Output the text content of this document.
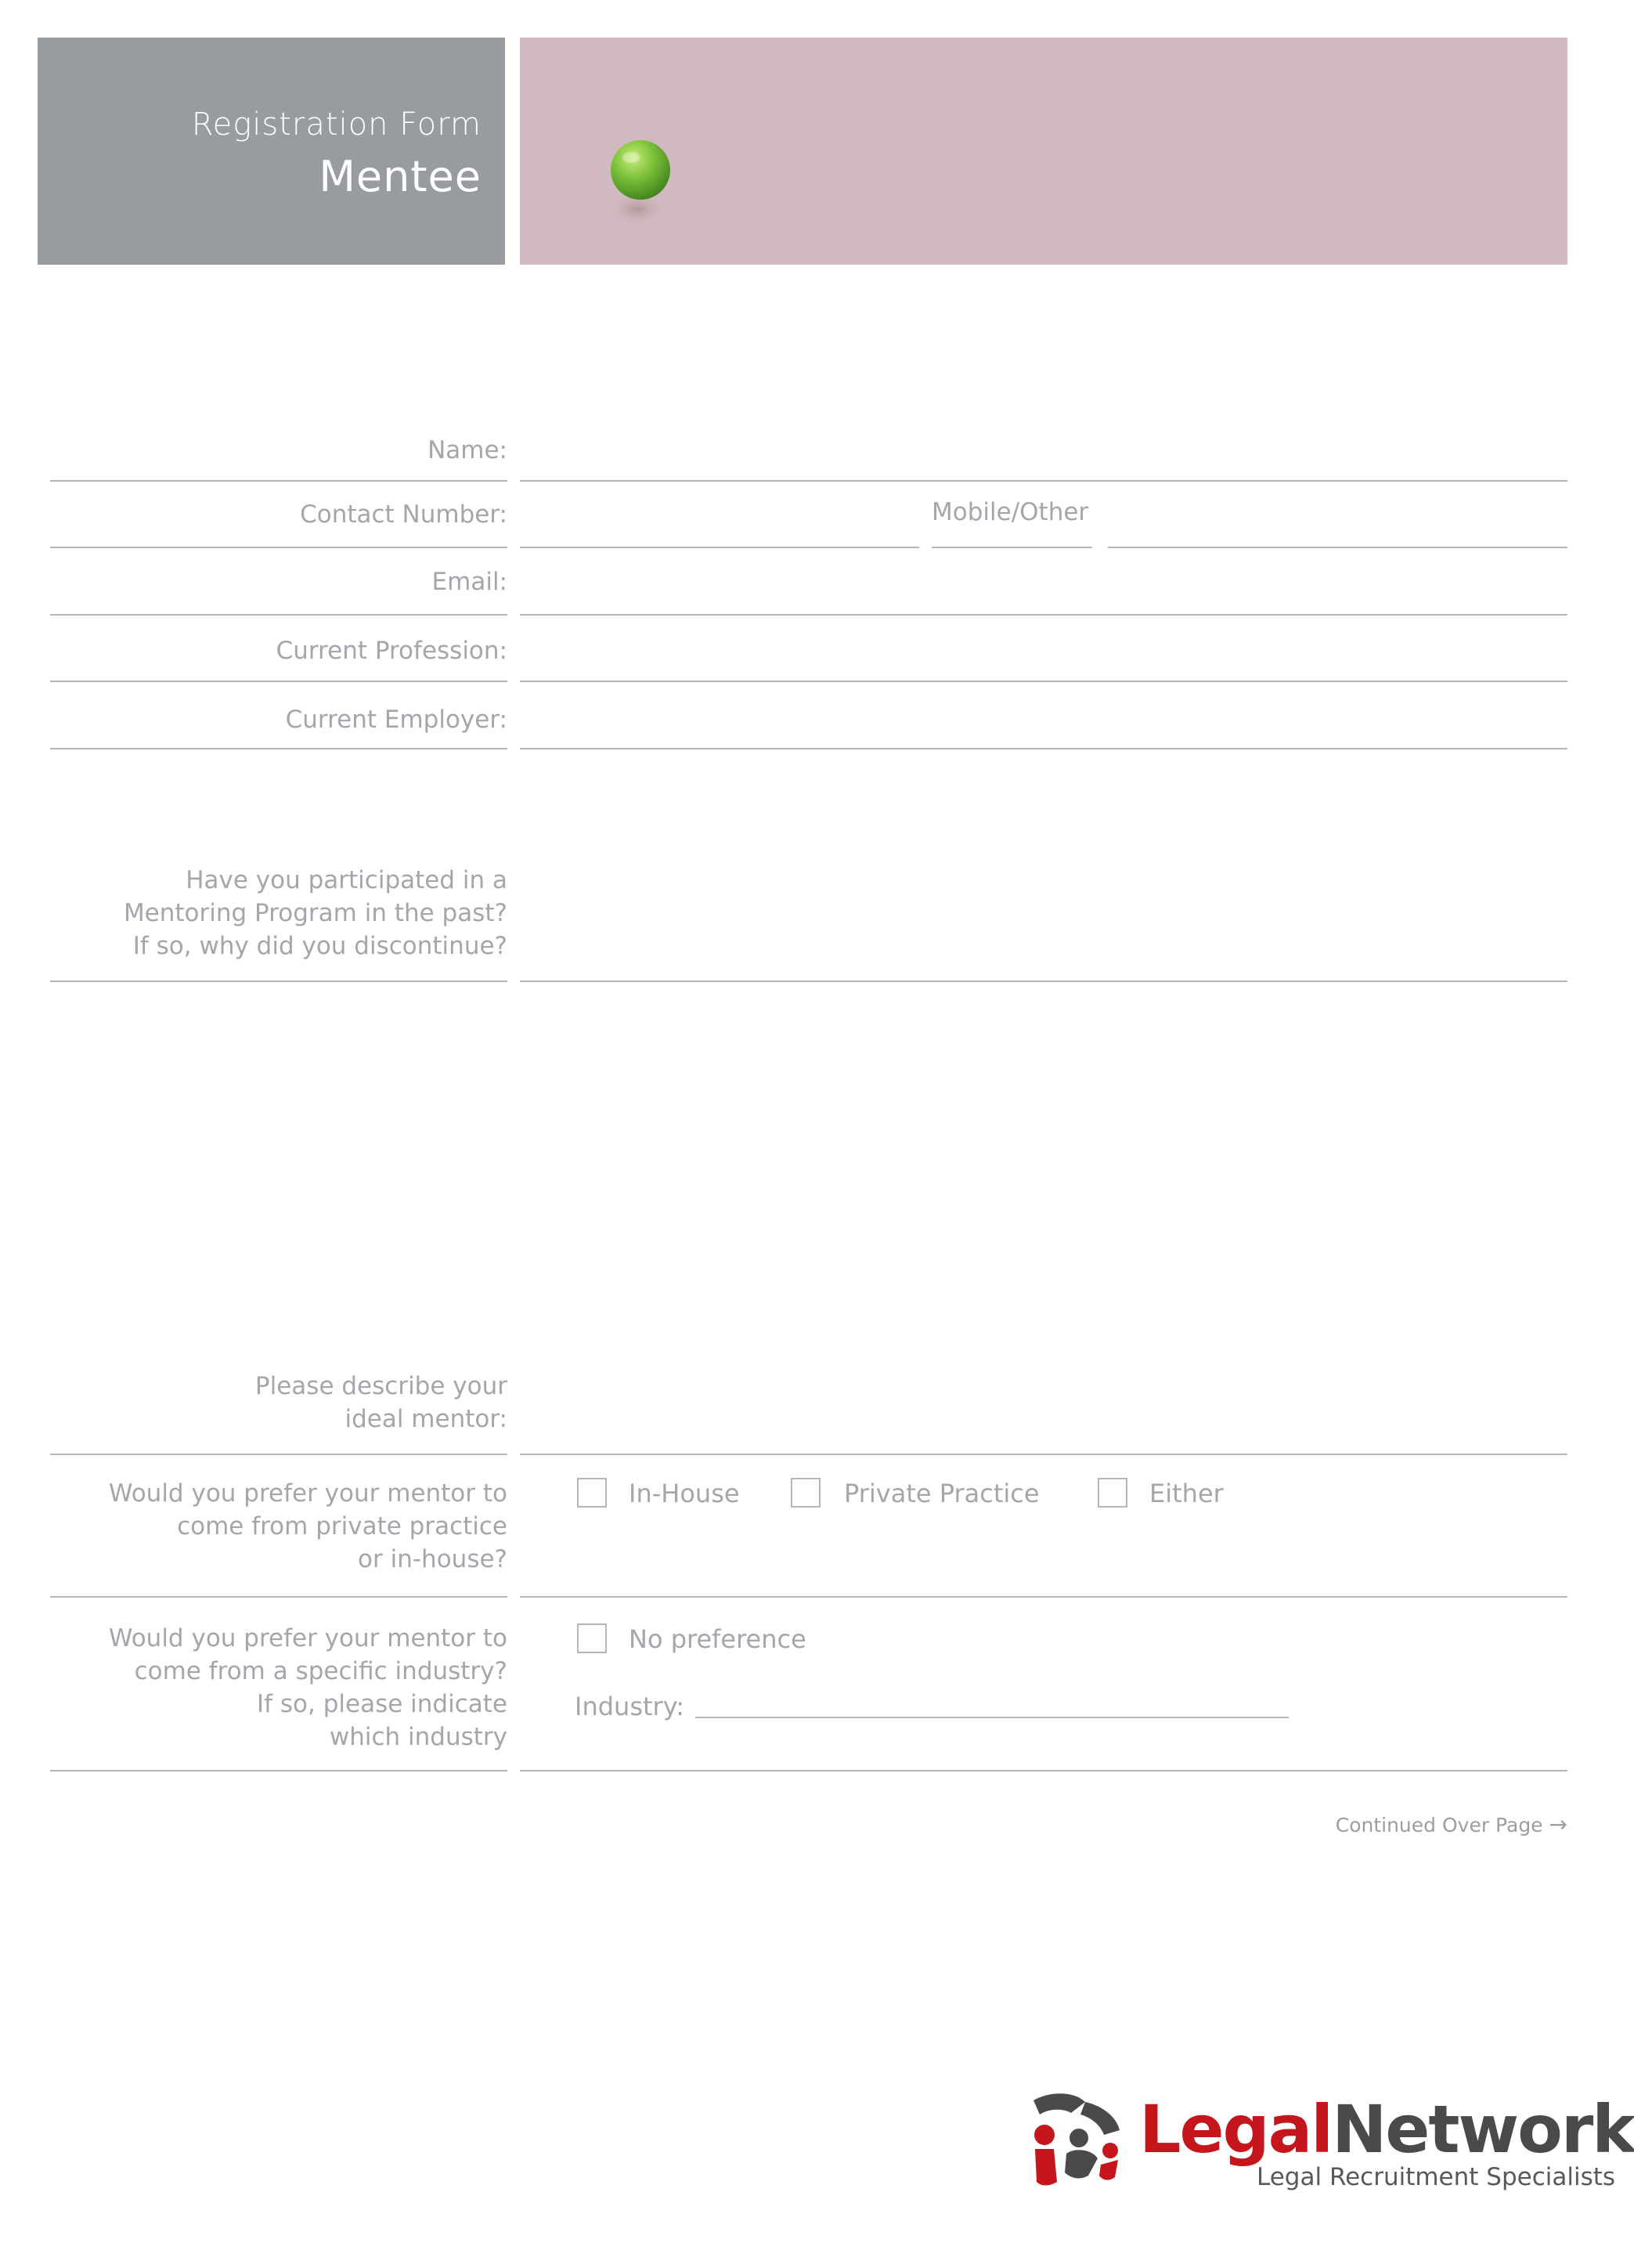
Registration Form
Mentee
Name:
Contact Number:	Mobile/Other
Email:
Current Profession:
Current Employer:
Have you participated in a
Mentoring Program in the past?
If so, why did you discontinue?
Please describe your
ideal mentor:
Would you prefer your mentor to
come from private practice
or in-house?
In-House	Private Practice	Either
Would you prefer your mentor to
come from a specific industry?
If so, please indicate
which industry
No preference
Industry:
Continued Over Page →
LegalNetwork
Legal Recruitment Specialists
